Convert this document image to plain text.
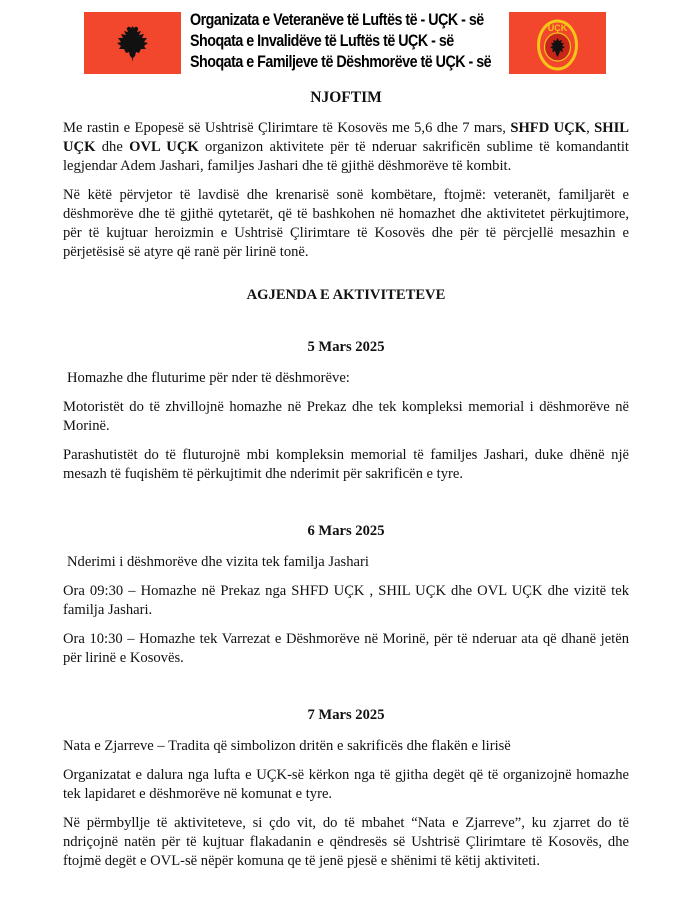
Organizata e Veteranëve të Luftës të - UÇK - së
Shoqata e Invalidëve të Luftës të UÇK - së
Shoqata e Familjeve të Dëshmorëve të UÇK - së
UÇK
NJOFTIM

Me rastin e Epopesë së Ushtrisë Çlirimtare të Kosovës me 5,6 dhe 7 mars, SHFD UÇK, SHIL UÇK dhe OVL UÇK organizon aktivitete për të nderuar sakrificën sublime të komandantit legjendar Adem Jashari, familjes Jashari dhe të gjithë dëshmorëve të kombit.

Në këtë përvjetor të lavdisë dhe krenarisë sonë kombëtare, ftojmë: veteranët, familjarët e dëshmorëve dhe të gjithë qytetarët, që të bashkohen në homazhet dhe aktivitetet përkujtimore, për të kujtuar heroizmin e Ushtrisë Çlirimtare të Kosovës dhe për të përcjellë mesazhin e përjetësisë së atyre që ranë për lirinë tonë.

AGJENDA E AKTIVITETEVE
5 Mars 2025

Homazhe dhe fluturime për nder të dëshmorëve:

Motoristët do të zhvillojnë homazhe në Prekaz dhe tek kompleksi memorial i dëshmorëve në Morinë.

Parashutistët do të fluturojnë mbi kompleksin memorial të familjes Jashari, duke dhënë një mesazh të fuqishëm të përkujtimit dhe nderimit për sakrificën e tyre.

6 Mars 2025

Nderimi i dëshmorëve dhe vizita tek familja Jashari

Ora 09:30 – Homazhe në Prekaz nga SHFD UÇK , SHIL UÇK dhe OVL UÇK dhe vizitë tek familja Jashari.

Ora 10:30 – Homazhe tek Varrezat e Dëshmorëve në Morinë, për të nderuar ata që dhanë jetën për lirinë e Kosovës.

7 Mars 2025

Nata e Zjarreve – Tradita që simbolizon dritën e sakrificës dhe flakën e lirisë

Organizatat e dalura nga lufta e UÇK-së kërkon nga të gjitha degët që të organizojnë homazhe tek lapidaret e dëshmorëve në komunat e tyre.

Në përmbyllje të aktiviteteve, si çdo vit, do të mbahet “Nata e Zjarreve”, ku zjarret do të ndriçojnë natën për të kujtuar flakadanin e qëndresës së Ushtrisë Çlirimtare të Kosovës, dhe ftojmë degët e OVL-së nëpër komuna qe të jenë pjesë e shënimi të këtij aktiviteti.
